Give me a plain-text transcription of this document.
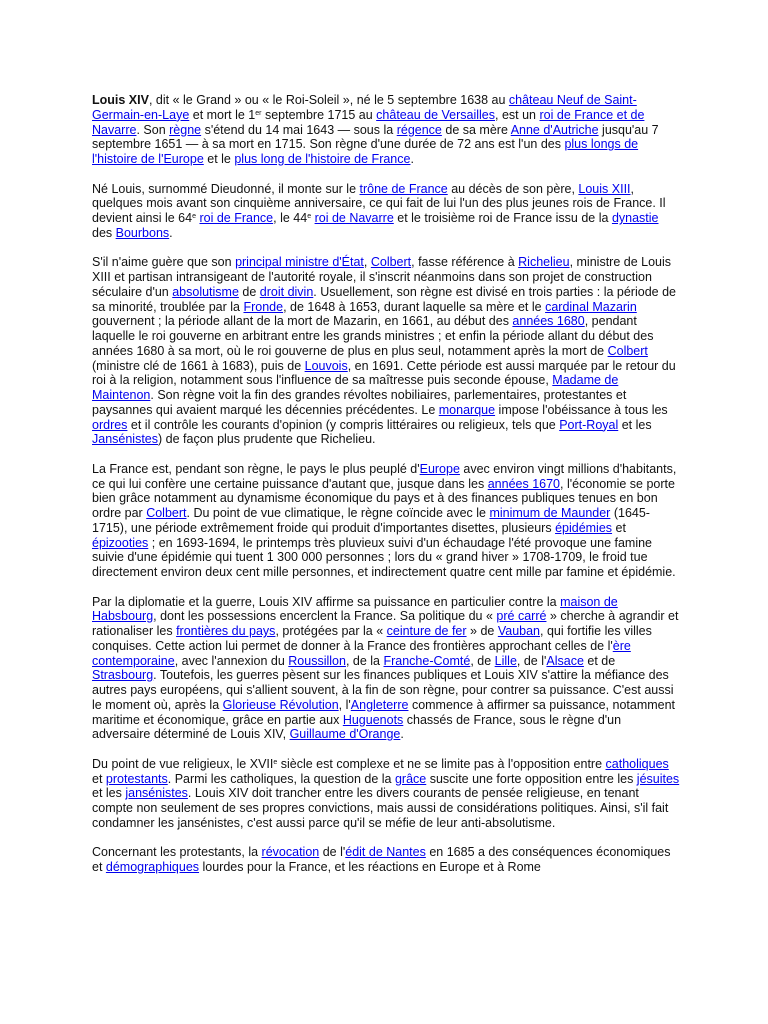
Louis XIV, dit « le Grand » ou « le Roi-Soleil », né le 5 septembre 1638 au château Neuf de Saint-Germain-en-Laye et mort le 1er septembre 1715 au château de Versailles, est un roi de France et de Navarre. Son règne s'étend du 14 mai 1643 — sous la régence de sa mère Anne d'Autriche jusqu'au 7 septembre 1651 — à sa mort en 1715. Son règne d'une durée de 72 ans est l'un des plus longs de l'histoire de l'Europe et le plus long de l'histoire de France.

Né Louis, surnommé Dieudonné, il monte sur le trône de France au décès de son père, Louis XIII, quelques mois avant son cinquième anniversaire, ce qui fait de lui l'un des plus jeunes rois de France. Il devient ainsi le 64e roi de France, le 44e roi de Navarre et le troisième roi de France issu de la dynastie des Bourbons.

S'il n'aime guère que son principal ministre d'État, Colbert, fasse référence à Richelieu, ministre de Louis XIII et partisan intransigeant de l'autorité royale, il s'inscrit néanmoins dans son projet de construction séculaire d'un absolutisme de droit divin. Usuellement, son règne est divisé en trois parties : la période de sa minorité, troublée par la Fronde, de 1648 à 1653, durant laquelle sa mère et le cardinal Mazarin gouvernent ; la période allant de la mort de Mazarin, en 1661, au début des années 1680, pendant laquelle le roi gouverne en arbitrant entre les grands ministres ; et enfin la période allant du début des années 1680 à sa mort, où le roi gouverne de plus en plus seul, notamment après la mort de Colbert (ministre clé de 1661 à 1683), puis de Louvois, en 1691. Cette période est aussi marquée par le retour du roi à la religion, notamment sous l'influence de sa maîtresse puis seconde épouse, Madame de Maintenon. Son règne voit la fin des grandes révoltes nobiliaires, parlementaires, protestantes et paysannes qui avaient marqué les décennies précédentes. Le monarque impose l'obéissance à tous les ordres et il contrôle les courants d'opinion (y compris littéraires ou religieux, tels que Port-Royal et les Jansénistes) de façon plus prudente que Richelieu.

La France est, pendant son règne, le pays le plus peuplé d'Europe avec environ vingt millions d'habitants, ce qui lui confère une certaine puissance d'autant que, jusque dans les années 1670, l'économie se porte bien grâce notamment au dynamisme économique du pays et à des finances publiques tenues en bon ordre par Colbert. Du point de vue climatique, le règne coïncide avec le minimum de Maunder (1645-1715), une période extrêmement froide qui produit d'importantes disettes, plusieurs épidémies et épizooties ; en 1693-1694, le printemps très pluvieux suivi d'un échaudage l'été provoque une famine suivie d'une épidémie qui tuent 1 300 000 personnes ; lors du « grand hiver » 1708-1709, le froid tue directement environ deux cent mille personnes, et indirectement quatre cent mille par famine et épidémie.

Par la diplomatie et la guerre, Louis XIV affirme sa puissance en particulier contre la maison de Habsbourg, dont les possessions encerclent la France. Sa politique du « pré carré » cherche à agrandir et rationaliser les frontières du pays, protégées par la « ceinture de fer » de Vauban, qui fortifie les villes conquises. Cette action lui permet de donner à la France des frontières approchant celles de l'ère contemporaine, avec l'annexion du Roussillon, de la Franche-Comté, de Lille, de l'Alsace et de Strasbourg. Toutefois, les guerres pèsent sur les finances publiques et Louis XIV s'attire la méfiance des autres pays européens, qui s'allient souvent, à la fin de son règne, pour contrer sa puissance. C'est aussi le moment où, après la Glorieuse Révolution, l'Angleterre commence à affirmer sa puissance, notamment maritime et économique, grâce en partie aux Huguenots chassés de France, sous le règne d'un adversaire déterminé de Louis XIV, Guillaume d'Orange.

Du point de vue religieux, le XVIIe siècle est complexe et ne se limite pas à l'opposition entre catholiques et protestants. Parmi les catholiques, la question de la grâce suscite une forte opposition entre les jésuites et les jansénistes. Louis XIV doit trancher entre les divers courants de pensée religieuse, en tenant compte non seulement de ses propres convictions, mais aussi de considérations politiques. Ainsi, s'il fait condamner les jansénistes, c'est aussi parce qu'il se méfie de leur anti-absolutisme.

Concernant les protestants, la révocation de l'édit de Nantes en 1685 a des conséquences économiques et démographiques lourdes pour la France, et les réactions en Europe et à Rome
